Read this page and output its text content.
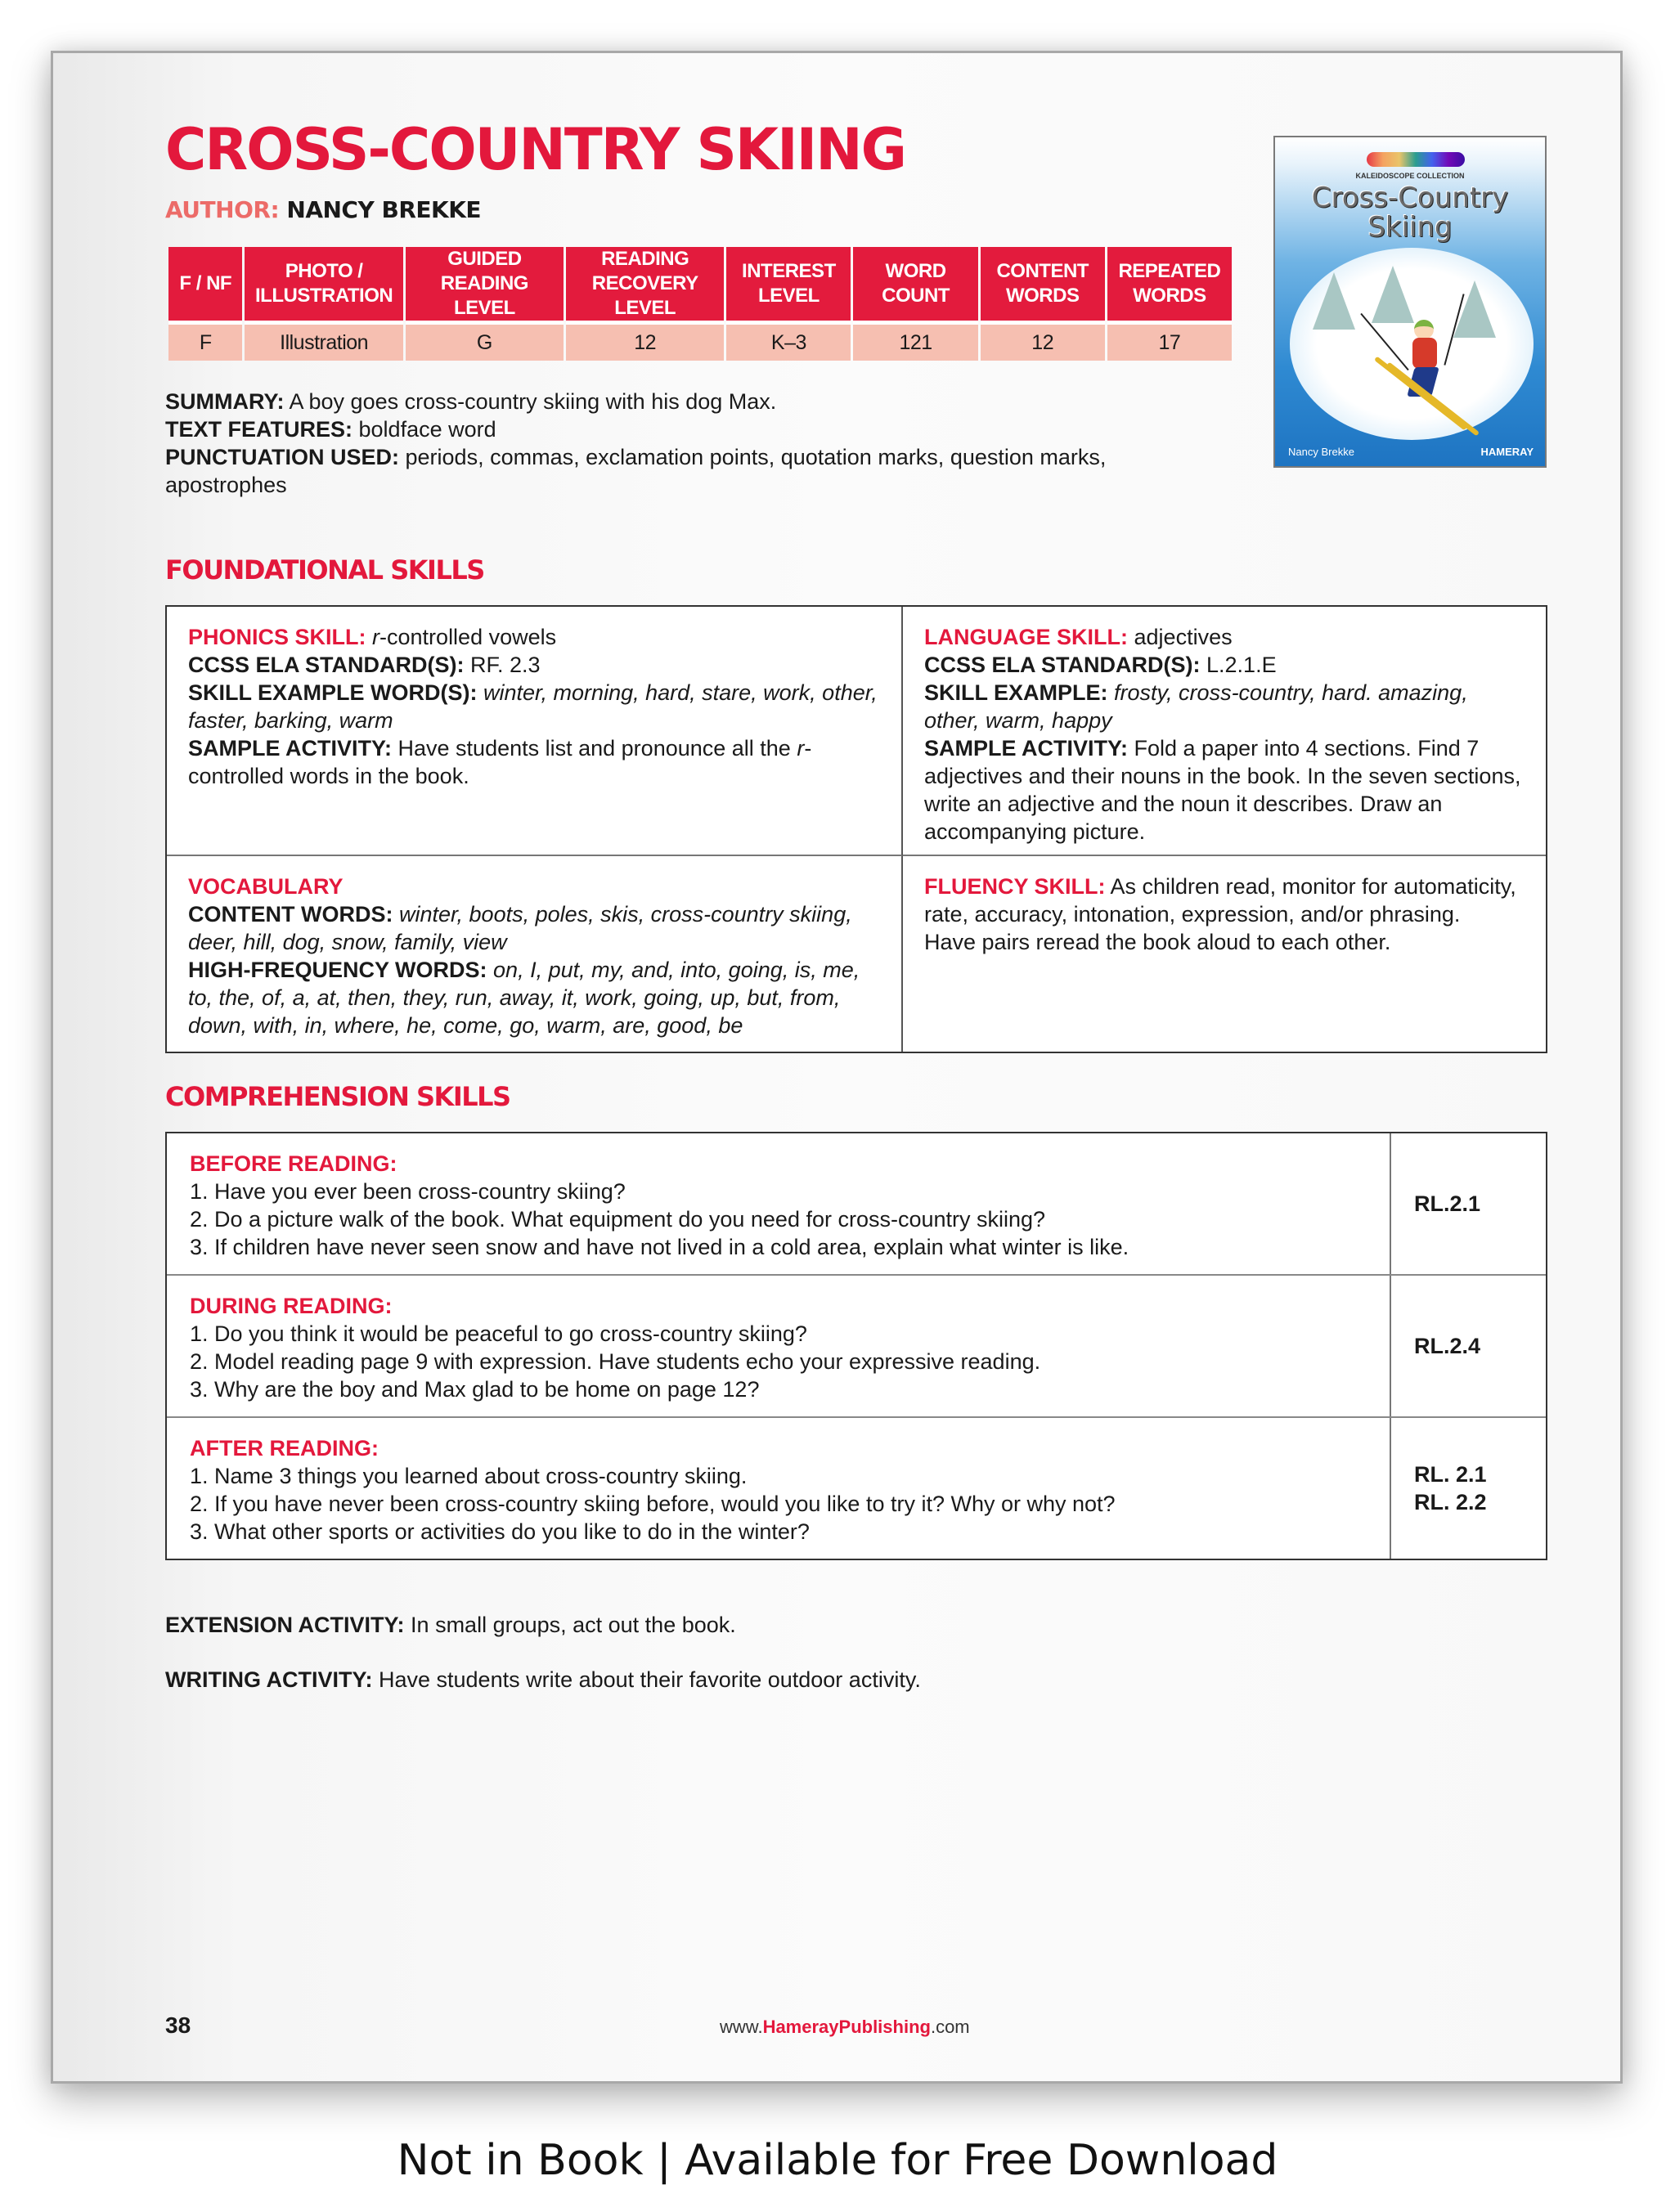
CROSS-COUNTRY SKIING
AUTHOR: NANCY BREKKE
F / NF	PHOTO / ILLUSTRATION	GUIDED READING LEVEL	READING RECOVERY LEVEL	INTEREST LEVEL	WORD COUNT	CONTENT WORDS	REPEATED WORDS
F	Illustration	G	12	K–3	121	12	17
KALEIDOSCOPE COLLECTION
Cross-Country
Skiing
Nancy Brekke	HAMERAY
SUMMARY: A boy goes cross-country skiing with his dog Max.
TEXT FEATURES: boldface word
PUNCTUATION USED: periods, commas, exclamation points, quotation marks, question marks, apostrophes
FOUNDATIONAL SKILLS
PHONICS SKILL: r-controlled vowels
CCSS ELA STANDARD(S): RF. 2.3
SKILL EXAMPLE WORD(S): winter, morning, hard, stare, work, other, faster, barking, warm
SAMPLE ACTIVITY: Have students list and pronounce all the r-controlled words in the book.
LANGUAGE SKILL: adjectives
CCSS ELA STANDARD(S): L.2.1.E
SKILL EXAMPLE: frosty, cross-country, hard. amazing, other, warm, happy
SAMPLE ACTIVITY: Fold a paper into 4 sections. Find 7 adjectives and their nouns in the book. In the seven sections, write an adjective and the noun it describes. Draw an accompanying picture.
VOCABULARY
CONTENT WORDS: winter, boots, poles, skis, cross-country skiing, deer, hill, dog, snow, family, view
HIGH-FREQUENCY WORDS: on, I, put, my, and, into, going, is, me, to, the, of, a, at, then, they, run, away, it, work, going, up, but, from, down, with, in, where, he, come, go, warm, are, good, be
FLUENCY SKILL: As children read, monitor for automaticity, rate, accuracy, intonation, expression, and/or phrasing.
Have pairs reread the book aloud to each other.
COMPREHENSION SKILLS
BEFORE READING:
1. Have you ever been cross-country skiing?
2. Do a picture walk of the book. What equipment do you need for cross-country skiing?
3. If children have never seen snow and have not lived in a cold area, explain what winter is like.
RL.2.1
DURING READING:
1. Do you think it would be peaceful to go cross-country skiing?
2. Model reading page 9 with expression. Have students echo your expressive reading.
3. Why are the boy and Max glad to be home on page 12?
RL.2.4
AFTER READING:
1. Name 3 things you learned about cross-country skiing.
2. If you have never been cross-country skiing before, would you like to try it? Why or why not?
3. What other sports or activities do you like to do in the winter?
RL. 2.1
RL. 2.2
EXTENSION ACTIVITY: In small groups, act out the book.
WRITING ACTIVITY: Have students write about their favorite outdoor activity.
38	www.HamerayPublishing.com
Not in Book | Available for Free Download
